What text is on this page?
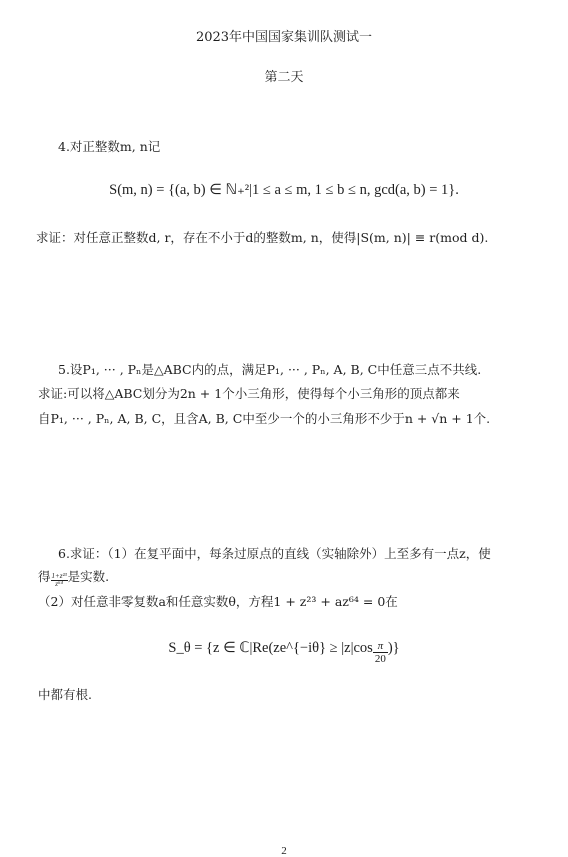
2023年中国国家集训队测试一
第二天
4.对正整数m, n记
S(m, n) = {(a, b) ∈ ℕ₊²|1 ≤ a ≤ m, 1 ≤ b ≤ n, gcd(a, b) = 1}.
求证：对任意正整数d, r，存在不小于d的整数m, n，使得|S(m, n)| ≡ r(mod d).
5.设P₁, ··· , Pₙ是△ABC内的点，满足P₁, ··· , Pₙ, A, B, C中任意三点不共线.
求证:可以将△ABC划分为2n + 1个小三角形，使得每个小三角形的顶点都来
自P₁, ··· , Pₙ, A, B, C，且含A, B, C中至少一个的小三角形不少于n + √n + 1个.
6.求证：（1）在复平面中，每条过原点的直线（实轴除外）上至多有一点z，使
得 $\frac{\text{1+z²³}}{\text{z⁶⁴}}$ 是实数.
（2）对任意非零复数a和任意实数θ，方程1 + z²³ + az⁶⁴ = 0在
S_θ = {z ∈ ℂ|Re(ze^{−iθ} ≥ $|z|\cos \frac{\pi}{20}$ )}
中都有根.
2
